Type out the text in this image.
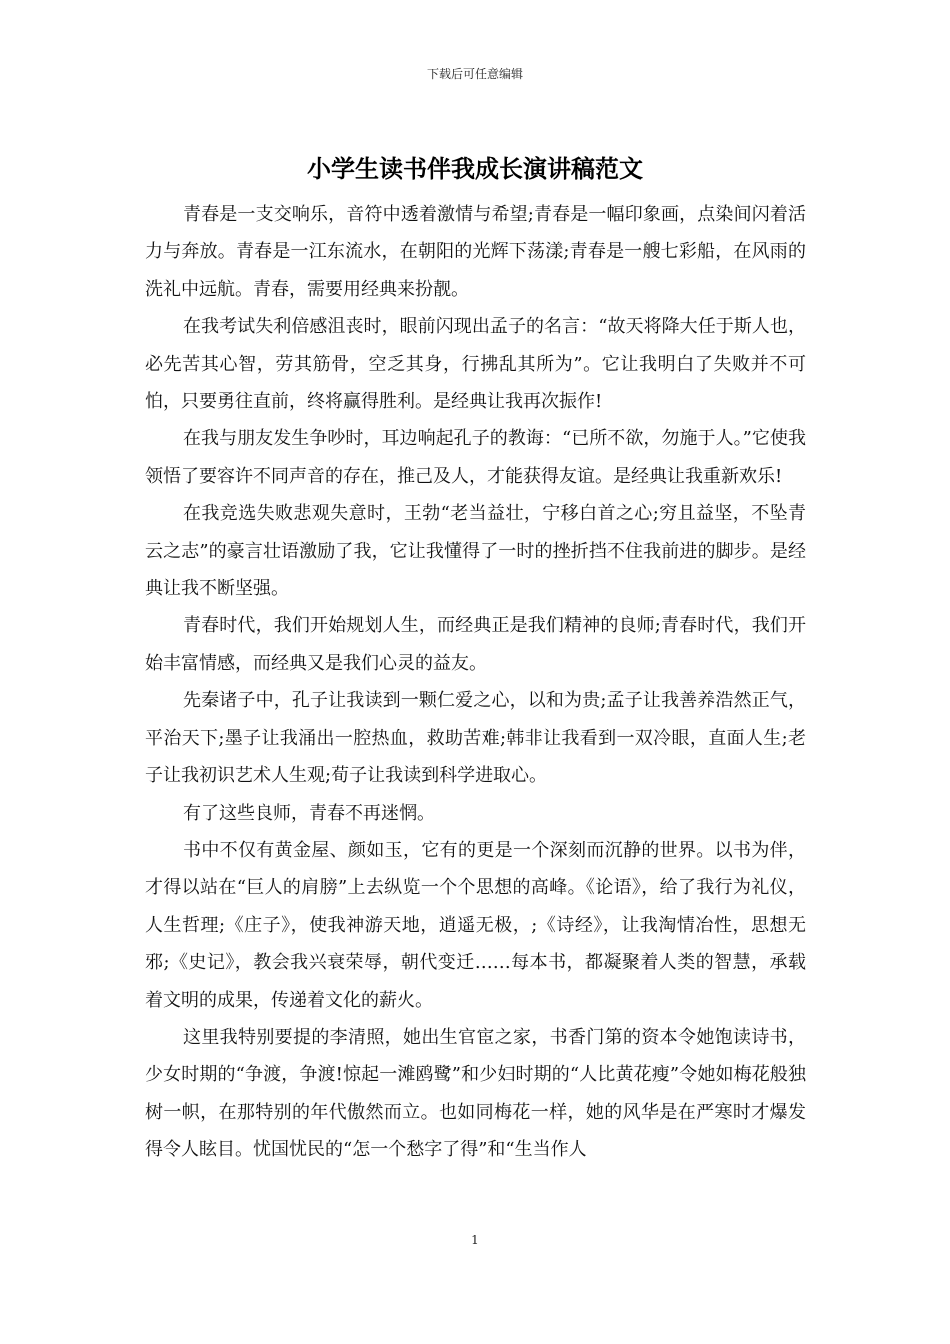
下载后可任意编辑
小学生读书伴我成长演讲稿范文

青春是一支交响乐，音符中透着激情与希望;青春是一幅印象画，点染间闪着活力与奔放。青春是一江东流水，在朝阳的光辉下荡漾;青春是一艘七彩船，在风雨的洗礼中远航。青春，需要用经典来扮靓。

在我考试失利倍感沮丧时，眼前闪现出孟子的名言：“故天将降大任于斯人也，必先苦其心智，劳其筋骨，空乏其身，行拂乱其所为”。它让我明白了失败并不可怕，只要勇往直前，终将赢得胜利。是经典让我再次振作!

在我与朋友发生争吵时，耳边响起孔子的教诲：“已所不欲，勿施于人。”它使我领悟了要容许不同声音的存在，推己及人，才能获得友谊。是经典让我重新欢乐!

在我竞选失败悲观失意时，王勃“老当益壮，宁移白首之心;穷且益坚，不坠青云之志”的豪言壮语激励了我，它让我懂得了一时的挫折挡不住我前进的脚步。是经典让我不断坚强。

青春时代，我们开始规划人生，而经典正是我们精神的良师;青春时代，我们开始丰富情感，而经典又是我们心灵的益友。

先秦诸子中，孔子让我读到一颗仁爱之心，以和为贵;孟子让我善养浩然正气，平治天下;墨子让我涌出一腔热血，救助苦难;韩非让我看到一双冷眼，直面人生;老子让我初识艺术人生观;荀子让我读到科学进取心。

有了这些良师，青春不再迷惘。

书中不仅有黄金屋、颜如玉，它有的更是一个深刻而沉静的世界。以书为伴，才得以站在“巨人的肩膀”上去纵览一个个思想的高峰。《论语》，给了我行为礼仪，人生哲理;《庄子》，使我神游天地，逍遥无极，;《诗经》，让我淘情冶性，思想无邪;《史记》，教会我兴衰荣辱，朝代变迁……每本书，都凝聚着人类的智慧，承载着文明的成果，传递着文化的薪火。

这里我特别要提的李清照，她出生官宦之家，书香门第的资本令她饱读诗书，少女时期的“争渡，争渡!惊起一滩鸥鹭”和少妇时期的“人比黄花瘦”令她如梅花般独树一帜，在那特别的年代傲然而立。也如同梅花一样，她的风华是在严寒时才爆发得令人眩目。忧国忧民的“怎一个愁字了得”和“生当作人

1
